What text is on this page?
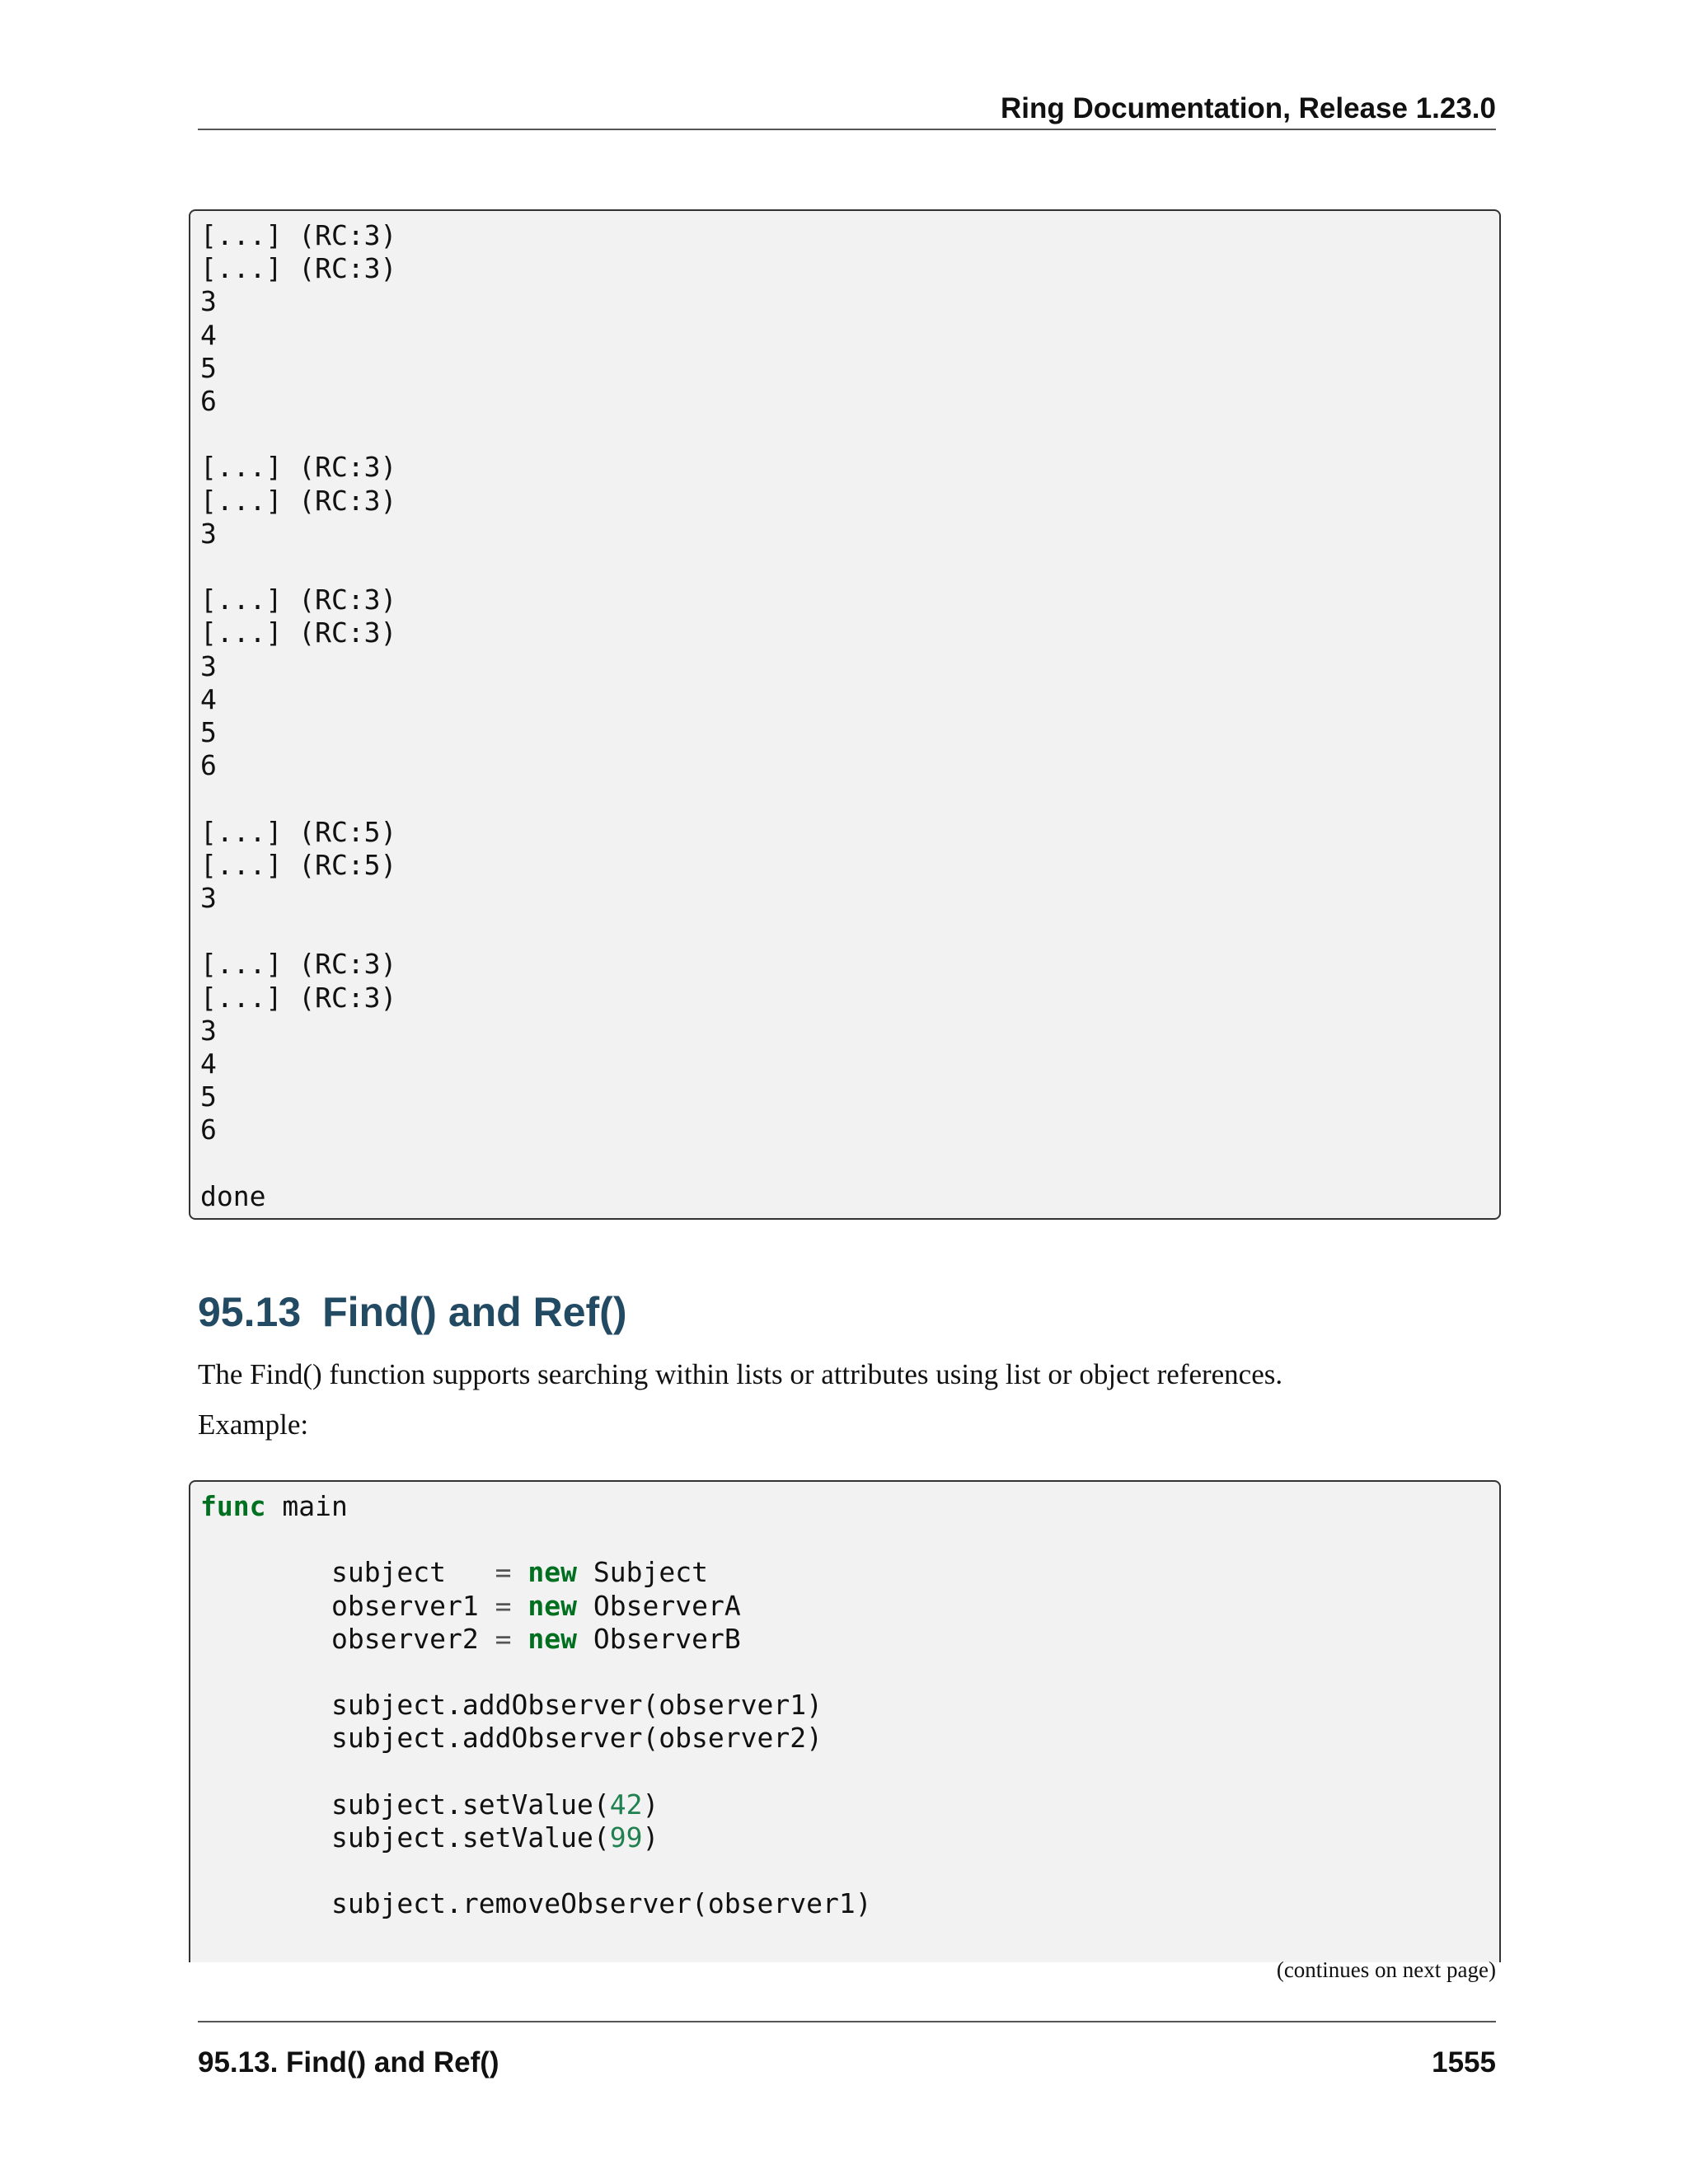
Ring Documentation, Release 1.23.0
[...] (RC:3)
[...] (RC:3)
3
4
5
6

[...] (RC:3)
[...] (RC:3)
3

[...] (RC:3)
[...] (RC:3)
3
4
5
6

[...] (RC:5)
[...] (RC:5)
3

[...] (RC:3)
[...] (RC:3)
3
4
5
6

done
95.13 Find() and Ref()

The Find() function supports searching within lists or attributes using list or object references.

Example:

func main

subject   = new Subject
observer1 = new ObserverA
observer2 = new ObserverB

subject.addObserver(observer1)
subject.addObserver(observer2)

subject.setValue(42)
subject.setValue(99)

subject.removeObserver(observer1)
(continues on next page)
95.13. Find() and Ref()	1555
